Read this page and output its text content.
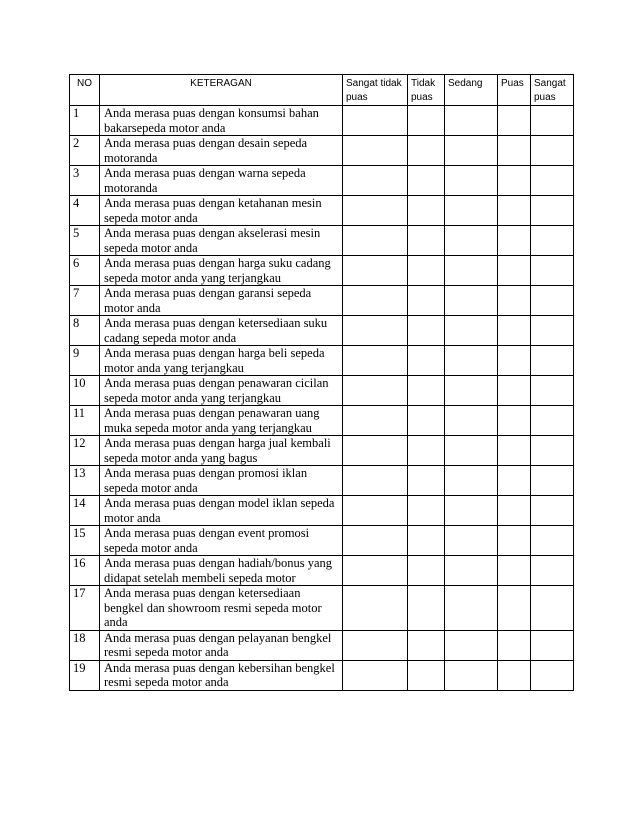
NO	KETERAGAN	Sangat tidak puas	Tidak puas	Sedang	Puas	Sangat puas
1	Anda merasa puas dengan konsumsi bahan bakarsepeda motor anda					
2	Anda merasa puas dengan desain sepeda motoranda					
3	Anda merasa puas dengan warna sepeda motoranda					
4	Anda merasa puas dengan ketahanan mesin sepeda motor anda					
5	Anda merasa puas dengan akselerasi mesin sepeda motor anda					
6	Anda merasa puas dengan harga suku cadang sepeda motor anda yang terjangkau					
7	Anda merasa puas dengan garansi sepeda motor anda					
8	Anda merasa puas dengan ketersediaan suku cadang sepeda motor anda					
9	Anda merasa puas dengan harga beli sepeda motor anda yang terjangkau					
10	Anda merasa puas dengan penawaran cicilan sepeda motor anda yang terjangkau					
11	Anda merasa puas dengan penawaran uang muka sepeda motor anda yang terjangkau					
12	Anda merasa puas dengan harga jual kembali sepeda motor anda yang bagus					
13	Anda merasa puas dengan promosi iklan sepeda motor anda					
14	Anda merasa puas dengan model iklan sepeda motor anda					
15	Anda merasa puas dengan event promosi sepeda motor anda					
16	Anda merasa puas dengan hadiah/bonus yang didapat setelah membeli sepeda motor					
17	Anda merasa puas dengan ketersediaan bengkel dan showroom resmi sepeda motor anda					
18	Anda merasa puas dengan pelayanan bengkel resmi sepeda motor anda					
19	Anda merasa puas dengan kebersihan bengkel resmi sepeda motor anda					
